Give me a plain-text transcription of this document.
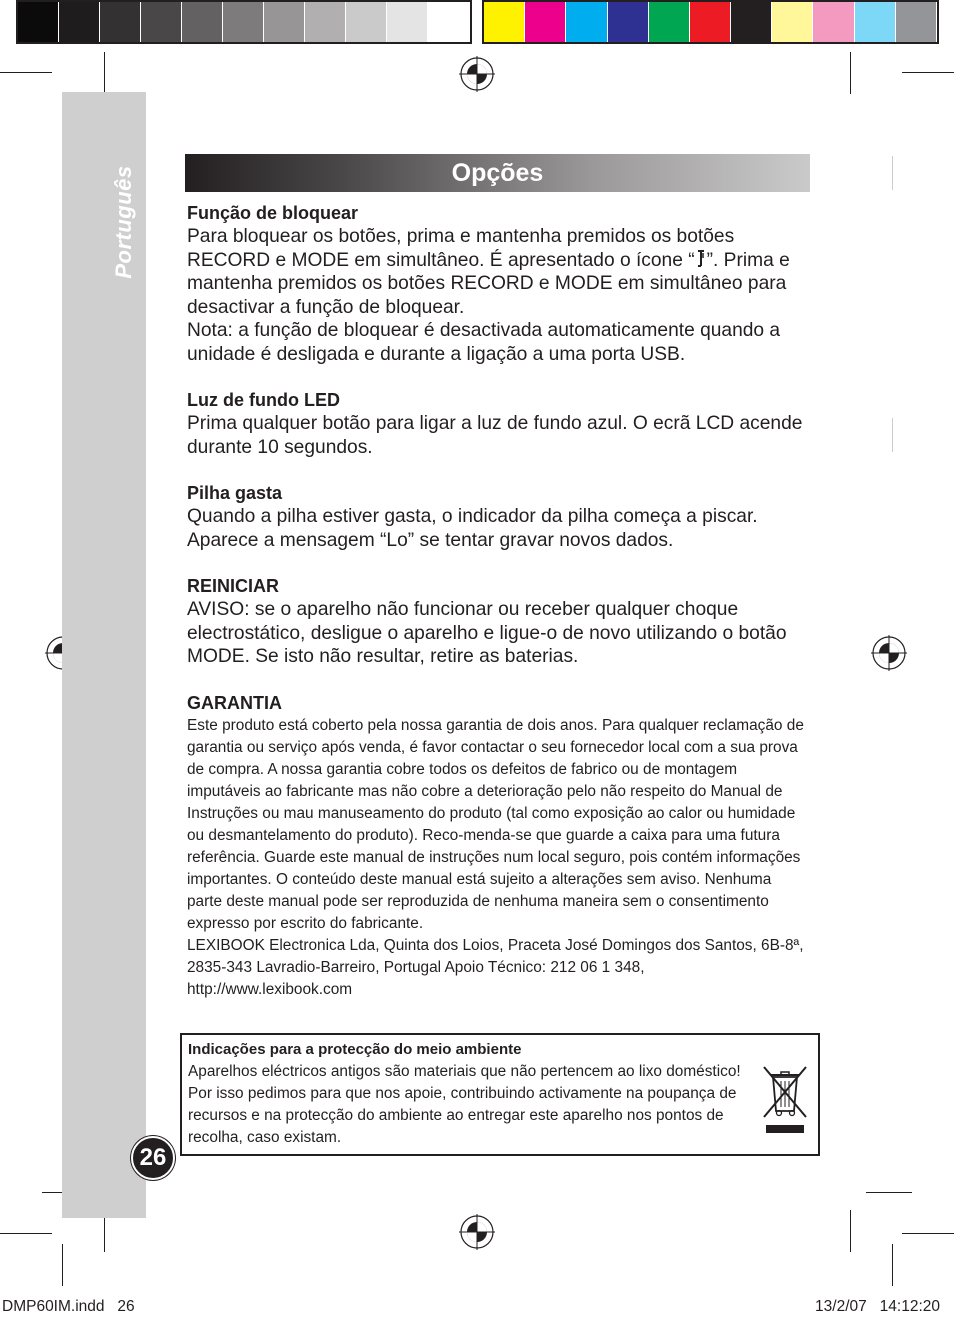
Português	Opções
Função de bloquear
Para bloquear os botões, prima e mantenha premidos os botões RECORD e MODE em simultâneo. É apresentado o ícone “ ”. Prima e mantenha premidos os botões RECORD e MODE em simultâneo para desactivar a função de bloquear.
Nota: a função de bloquear é desactivada automaticamente quando a unidade é desligada e durante a ligação a uma porta USB.
Luz de fundo LED
Prima qualquer botão para ligar a luz de fundo azul. O ecrã LCD acende durante 10 segundos.
Pilha gasta
Quando a pilha estiver gasta, o indicador da pilha começa a piscar. Aparece a mensagem “Lo” se tentar gravar novos dados.
REINICIAR
AVISO: se o aparelho não funcionar ou receber qualquer choque electrostático, desligue o aparelho e ligue-o de novo utilizando o botão MODE. Se isto não resultar, retire as baterias.
GARANTIA
Este produto está coberto pela nossa garantia de dois anos. Para qualquer reclamação de garantia ou serviço após venda, é favor contactar o seu fornecedor local com a sua prova de compra. A nossa garantia cobre todos os defeitos de fabrico ou de montagem imputáveis ao fabricante mas não cobre a deterioração pelo não respeito do Manual de Instruções ou mau manuseamento do produto (tal como exposição ao calor ou humidade ou desmantelamento do produto). Reco-menda-se que guarde a caixa para uma futura referência. Guarde este manual de instruções num local seguro, pois contém informações importantes. O conteúdo deste manual está sujeito a alterações sem aviso. Nenhuma parte deste manual pode ser reproduzida de nenhuma maneira sem o consentimento expresso por escrito do fabricante.
LEXIBOOK Electronica Lda, Quinta dos Loios, Praceta José Domingos dos Santos, 6B-8ª, 2835-343 Lavradio-Barreiro, Portugal Apoio Técnico: 212 06 1 348, http://www.lexibook.com
Indicações para a protecção do meio ambiente
Aparelhos eléctricos antigos são materiais que não pertencem ao lixo doméstico! Por isso pedimos para que nos apoie, contribuindo activamente na poupança de recursos e na protecção do ambiente ao entregar este aparelho nos pontos de recolha, caso existam.
26
DMP60IM.indd   26	13/2/07   14:12:20
